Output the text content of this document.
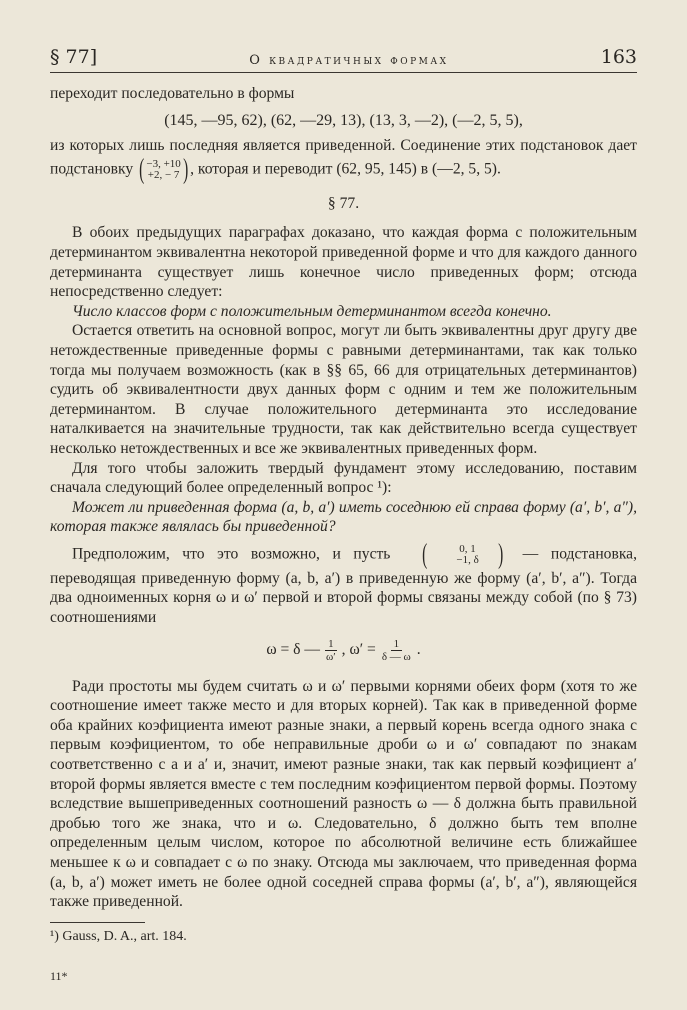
§ 77]	О квадратичных формах	163

переходит последовательно в формы

(145, —95, 62), (62, —29, 13), (13, 3, —2), (—2, 5, 5),

из которых лишь последняя является приведенной. Соединение этих подстановок дает подстановку ( −3, +10
+2, − 7 ) , которая и переводит (62, 95, 145) в (—2, 5, 5).

§ 77.

В обоих предыдущих параграфах доказано, что каждая форма с положительным детерминантом эквивалентна некоторой приведенной форме и что для каждого данного детерминанта существует лишь конечное число приведенных форм; отсюда непосредственно следует:

Число классов форм с положительным детерминантом всегда конечно.

Остается ответить на основной вопрос, могут ли быть эквивалентны друг другу две нетождественные приведенные формы с равными детерминантами, так как только тогда мы получаем возможность (как в §§ 65, 66 для отрицательных детерминантов) судить об эквивалентности двух данных форм с одним и тем же положительным детерминантом. В случае положительного детерминанта это исследование наталкивается на значительные трудности, так как действительно всегда существует несколько нетождественных и все же эквивалентных приведенных форм.

Для того чтобы заложить твердый фундамент этому исследованию, поставим сначала следующий более определенный вопрос ¹):

Может ли приведенная форма (a, b, a′) иметь соседнюю ей справа форму (a′, b′, a″), которая также являлась бы приведенной?

Предположим, что это возможно, и пусть	(	0, 1
−1, δ ) — подстановка, переводящая приведенную форму (a, b, a′) в приведенную же форму (a′, b′, a″). Тогда два одноименных корня ω и ω′ первой и второй формы связаны между собой (по § 73) соотношениями

ω = δ — $\frac{1}{\omega'}$ , $\omega' = \frac{1}{\delta — \omega}$ .

Ради простоты мы будем считать ω и ω′ первыми корнями обеих форм (хотя то же соотношение имеет также место и для вторых корней). Так как в приведенной форме оба крайних коэфициента имеют разные знаки, а первый корень всегда одного знака с первым коэфициентом, то обе неправильные дроби ω и ω′ совпадают по знакам соответственно с a и a′ и, значит, имеют разные знаки, так как первый коэфициент a′ второй формы является вместе с тем последним коэфициентом первой формы. Поэтому вследствие вышеприведенных соотношений разность ω — δ должна быть правильной дробью того же знака, что и ω. Следовательно, δ должно быть тем вполне определенным целым числом, которое по абсолютной величине есть ближайшее меньшее к ω и совпадает с ω по знаку. Отсюда мы заключаем, что приведенная форма (a, b, a′) может иметь не более одной соседней справа формы (a′, b′, a″), являющейся также приведенной.

¹) Gauss, D. A., art. 184.
11*
